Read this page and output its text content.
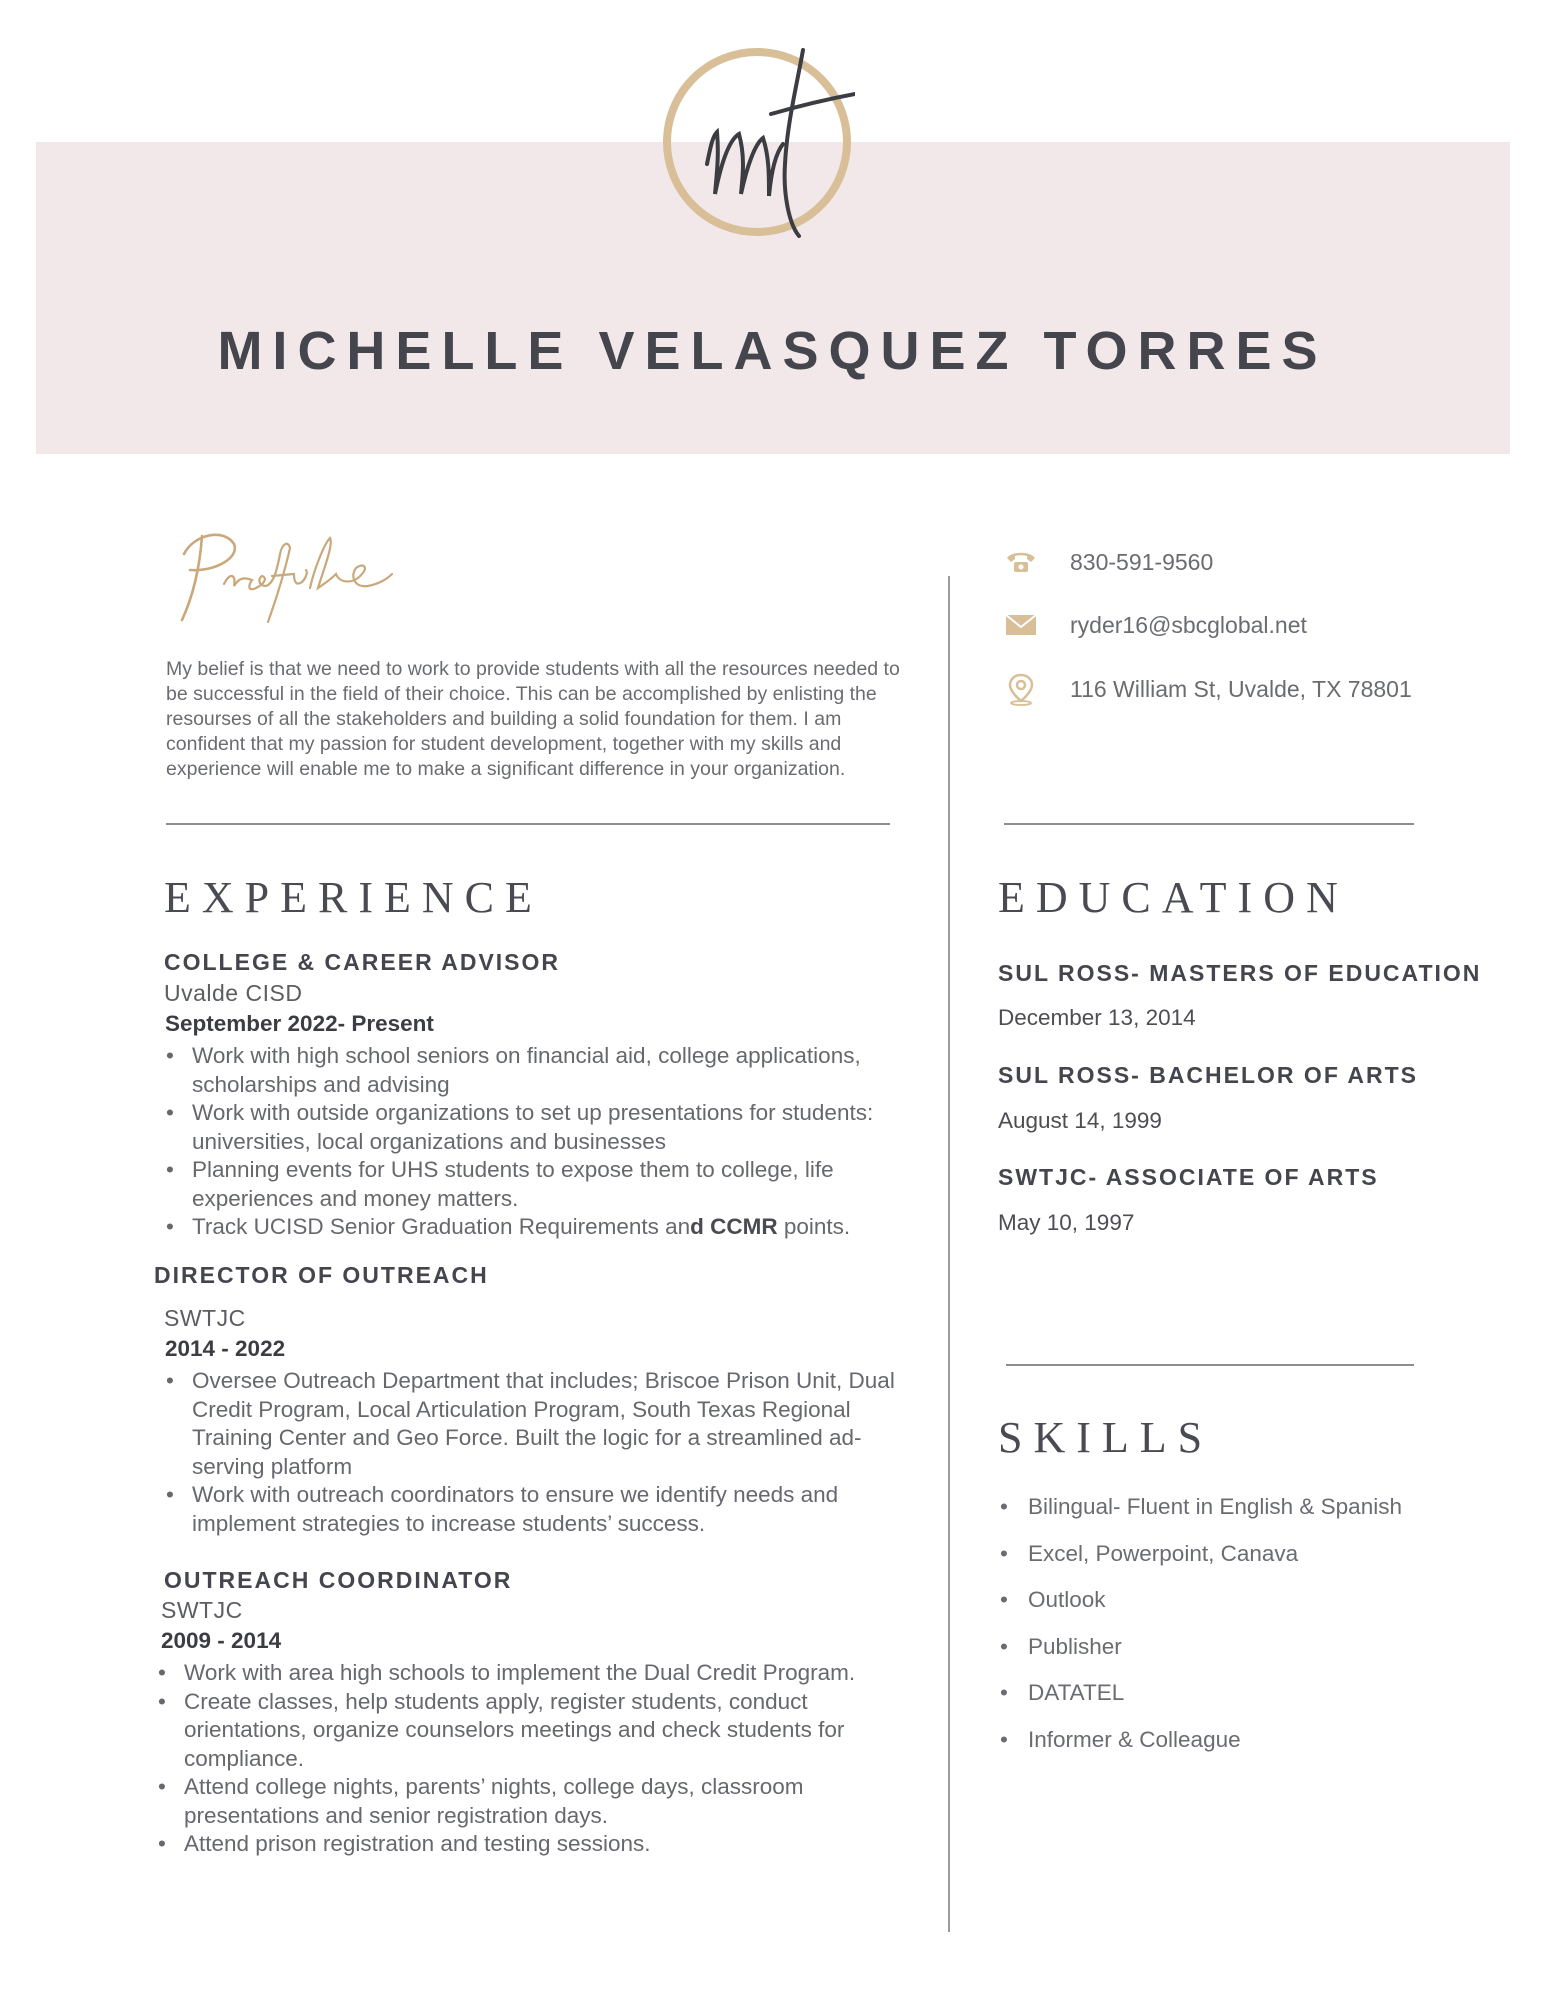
MICHELLE VELASQUEZ TORRES

My belief is that we need to work to provide students with all the resources needed to be successful in the field of their choice. This can be accomplished by enlisting the resourses of all the stakeholders and building a solid foundation for them. I am confident that my passion for student development, together with my skills and experience will enable me to make a significant difference in your organization.

830-591-9560
ryder16@sbcglobal.net
116 William St, Uvalde, TX 78801
EXPERIENCE
COLLEGE & CAREER ADVISOR

Uvalde CISD

September 2022- Present

• Work with high school seniors on financial aid, college applications, scholarships and advising
• Work with outside organizations to set up presentations for students: universities, local organizations and businesses
• Planning events for UHS students to expose them to college, life experiences and money matters.
• Track UCISD Senior Graduation Requirements and CCMR points.
DIRECTOR OF OUTREACH

SWTJC

2014 - 2022

• Oversee Outreach Department that includes; Briscoe Prison Unit, Dual Credit Program, Local Articulation Program, South Texas Regional Training Center and Geo Force. Built the logic for a streamlined ad-serving platform
• Work with outreach coordinators to ensure we identify needs and implement strategies to increase students’ success.
OUTREACH COORDINATOR

SWTJC

2009 - 2014

• Work with area high schools to implement the Dual Credit Program.
• Create classes, help students apply, register students, conduct orientations, organize counselors meetings and check students for compliance.
• Attend college nights, parents’ nights, college days, classroom presentations and senior registration days.
• Attend prison registration and testing sessions.
EDUCATION
SUL ROSS- MASTERS OF EDUCATION

December 13, 2014

SUL ROSS- BACHELOR OF ARTS

August 14, 1999

SWTJC- ASSOCIATE OF ARTS

May 10, 1997

SKILLS
• Bilingual- Fluent in English & Spanish
• Excel, Powerpoint, Canava
• Outlook
• Publisher
• DATATEL
• Informer & Colleague
